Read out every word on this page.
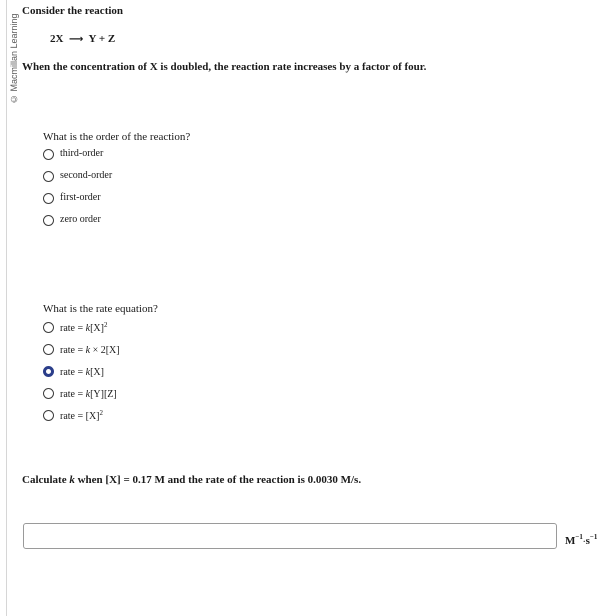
© Macmillan Learning
Consider the reaction
2X ⟶ Y + Z
When the concentration of X is doubled, the reaction rate increases by a factor of four.
What is the order of the reaction?
third-order
second-order
first-order
zero order
What is the rate equation?
rate = $k[X]^2$
rate = k × 2[X]
rate = k[X]
rate = k[Y][Z]
rate = $[X]^2$
Calculate k when [X] = 0.17 M and the rate of the reaction is 0.0030 M/s.
$M^{-1}\cdot s^{-1}$
